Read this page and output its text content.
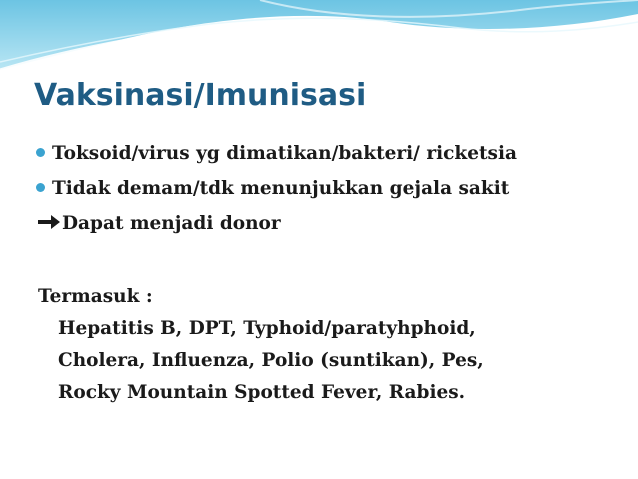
Vaksinasi/Imunisasi
Toksoid/virus yg dimatikan/bakteri/ ricketsia
Tidak demam/tdk menunjukkan gejala sakit
Dapat menjadi donor
Termasuk :
Hepatitis B, DPT, Typhoid/paratyhphoid,
Cholera, Influenza, Polio (suntikan), Pes,
Rocky Mountain Spotted Fever, Rabies.
